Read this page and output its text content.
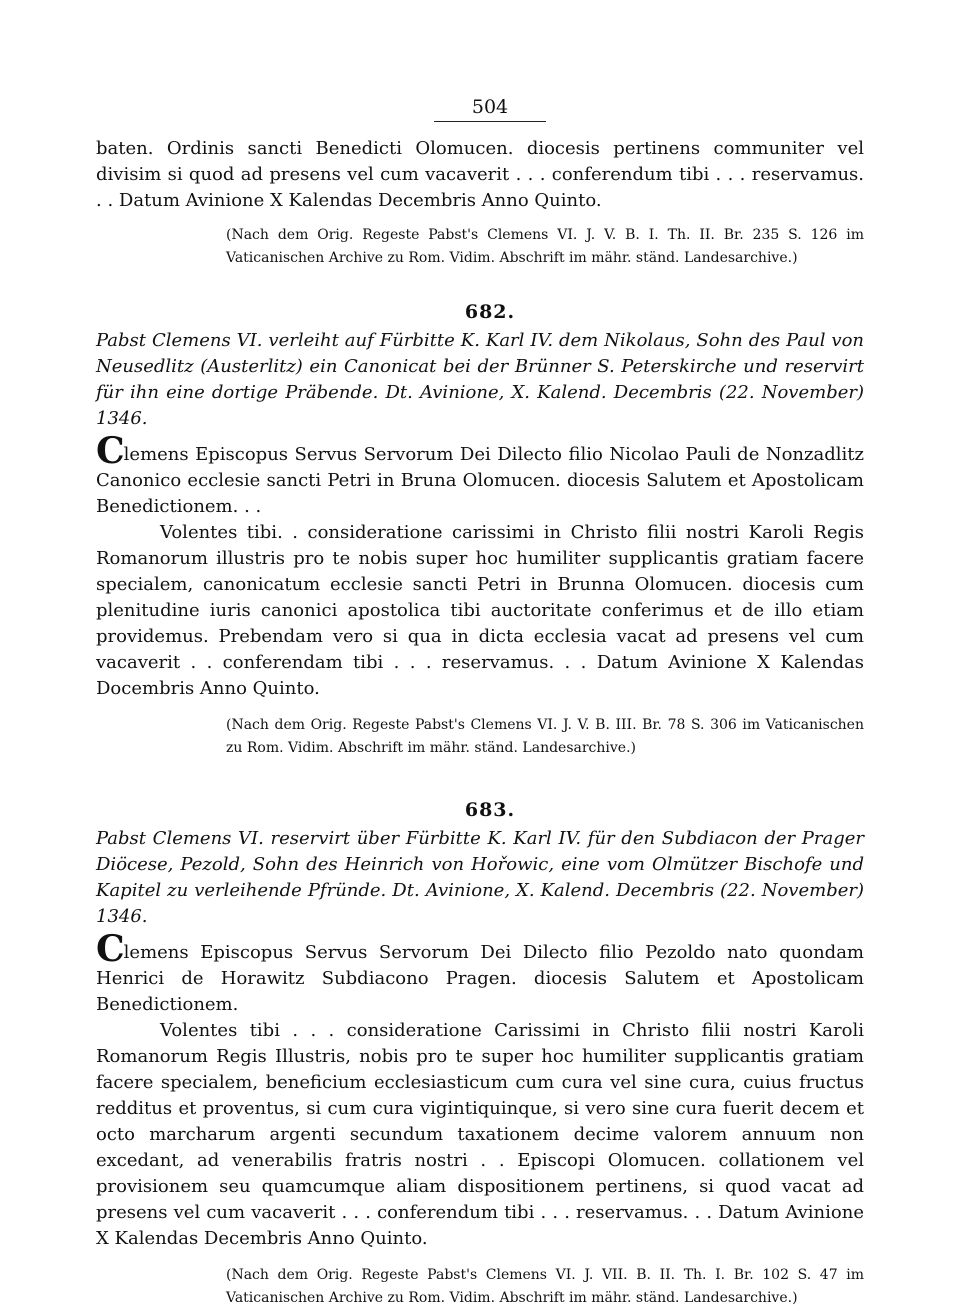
504

baten. Ordinis sancti Benedicti Olomucen. diocesis pertinens communiter vel divisim si quod ad presens vel cum vacaverit . . . conferendum tibi . . . reservamus. . . Datum Avinione X Kalendas Decembris Anno Quinto.

(Nach dem Orig. Regeste Pabst's Clemens VI. J. V. B. I. Th. II. Br. 235 S. 126 im Vaticanischen Archive zu Rom. Vidim. Abschrift im mähr. ständ. Landesarchive.)

682.

Pabst Clemens VI. verleiht auf Fürbitte K. Karl IV. dem Nikolaus, Sohn des Paul von Neusedlitz (Austerlitz) ein Canonicat bei der Brünner S. Peterskirche und reservirt für ihn eine dortige Präbende. Dt. Avinione, X. Kalend. Decembris (22. November) 1346.

Clemens Episcopus Servus Servorum Dei Dilecto filio Nicolao Pauli de Nonzadlitz Canonico ecclesie sancti Petri in Bruna Olomucen. diocesis Salutem et Apostolicam Benedictionem. . .

Volentes tibi. . consideratione carissimi in Christo filii nostri Karoli Regis Romanorum illustris pro te nobis super hoc humiliter supplicantis gratiam facere specialem, canonicatum ecclesie sancti Petri in Brunna Olomucen. diocesis cum plenitudine iuris canonici apostolica tibi auctoritate conferimus et de illo etiam providemus. Prebendam vero si qua in dicta ecclesia vacat ad presens vel cum vacaverit . . conferendam tibi . . . reservamus. . . Datum Avinione X Kalendas Docembris Anno Quinto.

(Nach dem Orig. Regeste Pabst's Clemens VI. J. V. B. III. Br. 78 S. 306 im Vaticanischen zu Rom. Vidim. Abschrift im mähr. ständ. Landesarchive.)

683.

Pabst Clemens VI. reservirt über Fürbitte K. Karl IV. für den Subdiacon der Prager Diöcese, Pezold, Sohn des Heinrich von Hořowic, eine vom Olmützer Bischofe und Kapitel zu verleihende Pfründe. Dt. Avinione, X. Kalend. Decembris (22. November) 1346.

Clemens Episcopus Servus Servorum Dei Dilecto filio Pezoldo nato quondam Henrici de Horawitz Subdiacono Pragen. diocesis Salutem et Apostolicam Benedictionem.

Volentes tibi . . . consideratione Carissimi in Christo filii nostri Karoli Romanorum Regis Illustris, nobis pro te super hoc humiliter supplicantis gratiam facere specialem, beneficium ecclesiasticum cum cura vel sine cura, cuius fructus redditus et proventus, si cum cura vigintiquinque, si vero sine cura fuerit decem et octo marcharum argenti secundum taxationem decime valorem annuum non excedant, ad venerabilis fratris nostri . . Episcopi Olomucen. collationem vel provisionem seu quamcumque aliam dispositionem pertinens, si quod vacat ad presens vel cum vacaverit . . . conferendum tibi . . . reservamus. . . Datum Avinione X Kalendas Decembris Anno Quinto.

(Nach dem Orig. Regeste Pabst's Clemens VI. J. VII. B. II. Th. I. Br. 102 S. 47 im Vaticanischen Archive zu Rom. Vidim. Abschrift im mähr. ständ. Landesarchive.)
